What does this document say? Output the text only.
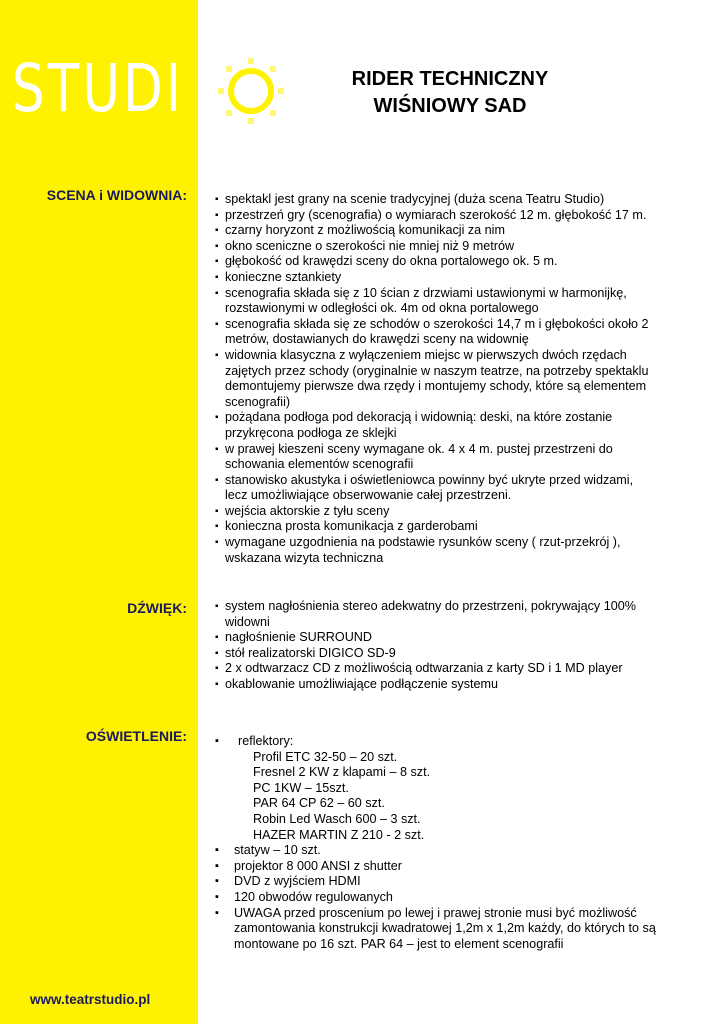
STUDI	RIDER TECHNICZNY
WIŚNIOWY SAD
SCENA i WIDOWNIA:	▪ spektakl jest grany na scenie tradycyjnej (duża scena Teatru Studio)
▪ przestrzeń gry (scenografia) o wymiarach szerokość 12 m. głębokość 17 m.
▪ czarny horyzont z możliwością komunikacji za nim
▪ okno sceniczne o szerokości nie mniej niż 9 metrów
▪ głębokość od krawędzi sceny do okna portalowego ok. 5 m.
▪ konieczne sztankiety
▪ scenografia składa się z 10 ścian z drzwiami ustawionymi w harmonijkę, rozstawionymi w odległości ok. 4m od okna portalowego
▪ scenografia składa się ze schodów o szerokości 14,7 m i głębokości około 2 metrów, dostawianych do krawędzi sceny na widownię
▪ widownia klasyczna z wyłączeniem miejsc w pierwszych dwóch rzędach zajętych przez schody (oryginalnie w naszym teatrze, na potrzeby spektaklu demontujemy pierwsze dwa rzędy i montujemy schody, które są elementem scenografii)
▪ pożądana podłoga pod dekoracją i widownią: deski, na które zostanie przykręcona podłoga ze sklejki
▪ w prawej kieszeni sceny wymagane ok. 4 x 4 m. pustej przestrzeni do schowania elementów scenografii
▪ stanowisko akustyka i oświetleniowca powinny być ukryte przed widzami, lecz umożliwiające obserwowanie całej przestrzeni.
▪ wejścia aktorskie z tyłu sceny
▪ konieczna prosta komunikacja z garderobami
▪ wymagane uzgodnienia na podstawie rysunków sceny ( rzut-przekrój ), wskazana wizyta techniczna
DŹWIĘK:	▪ system nagłośnienia stereo adekwatny do przestrzeni, pokrywający 100% widowni
▪ nagłośnienie SURROUND
▪ stół realizatorski DIGICO SD-9
▪ 2 x odtwarzacz CD z możliwością odtwarzania z karty SD i 1 MD player
▪ okablowanie umożliwiające podłączenie systemu
OŚWIETLENIE:	▪ reflektory:
Profil ETC 32-50 – 20 szt.
Fresnel 2 KW z klapami – 8 szt.
PC 1KW – 15szt.
PAR 64 CP 62 – 60 szt.
Robin Led Wasch 600 – 3 szt.
HAZER MARTIN Z 210 - 2 szt.
▪ statyw – 10 szt.
▪ projektor 8 000 ANSI z shutter
▪ DVD z wyjściem HDMI
▪ 120 obwodów regulowanych
▪ UWAGA przed proscenium po lewej i prawej stronie musi być możliwość zamontowania konstrukcji kwadratowej 1,2m x 1,2m każdy, do których to są montowane po 16 szt. PAR 64 – jest to element scenografii
www.teatrstudio.pl
